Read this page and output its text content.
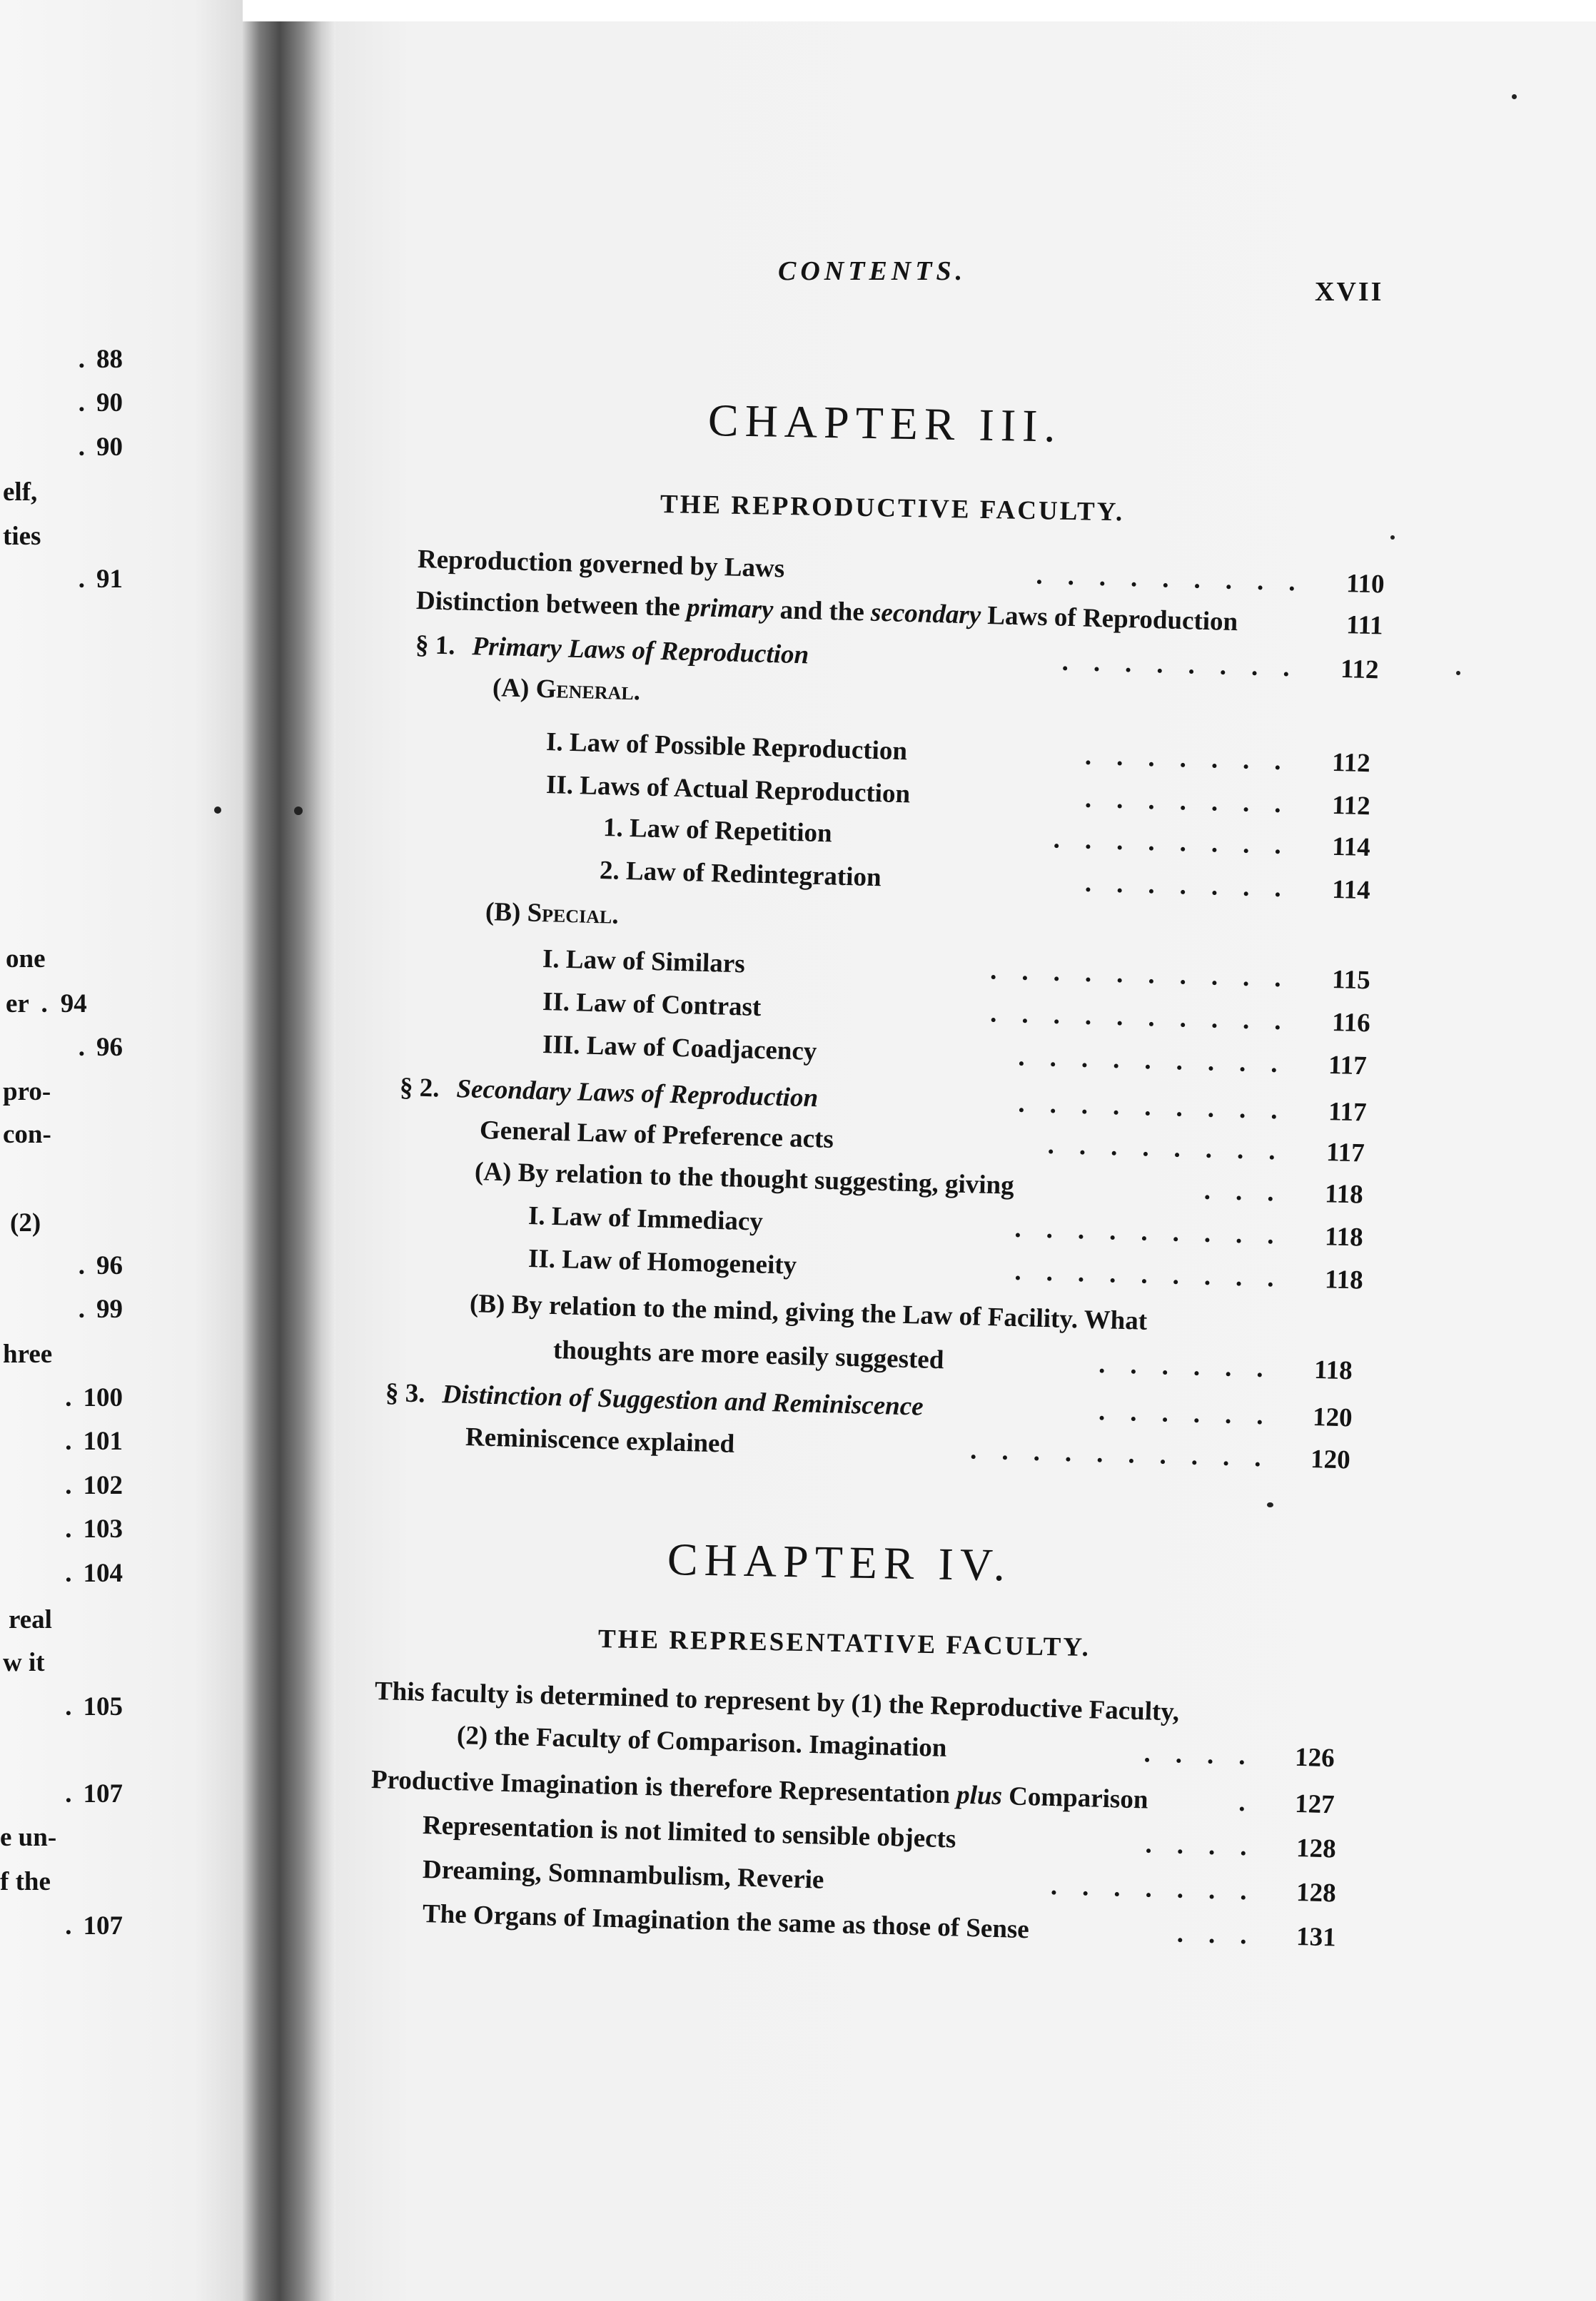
. 88
. 90
. 90
elf,
ties
. 91
one
er . 94
. 96
pro-
con-
(2)
. 96
. 99
hree
. 100
. 101
. 102
. 103
. 104
real
w it
. 105
. 107
e un-
f the
. 107
CONTENTS.
XVII
CHAPTER III.
THE REPRODUCTIVE FACULTY.
Reproduction governed by Laws	......... 110
Distinction between the primary and the secondary Laws of Reproduction	111
§ 1. Primary Laws of Reproduction	........ 112
(A) General.
I. Law of Possible Reproduction	....... 112
II. Laws of Actual Reproduction	....... 112
1. Law of Repetition	........ 114
2. Law of Redintegration	....... 114
(B) Special.
I. Law of Similars	.......... 115
II. Law of Contrast	.......... 116
III. Law of Coadjacency	......... 117
§ 2. Secondary Laws of Reproduction	......... 117
General Law of Preference acts	........ 117
(A) By relation to the thought suggesting, giving	... 118
I. Law of Immediacy	......... 118
II. Law of Homogeneity	......... 118
(B) By relation to the mind, giving the Law of Facility. What
thoughts are more easily suggested	...... 118
§ 3. Distinction of Suggestion and Reminiscence	...... 120
Reminiscence explained	.......... 120
CHAPTER IV.
THE REPRESENTATIVE FACULTY.
This faculty is determined to represent by (1) the Reproductive Faculty,
(2) the Faculty of Comparison. Imagination	.... 126
Productive Imagination is therefore Representation plus Comparison	. 127
Representation is not limited to sensible objects	.... 128
Dreaming, Somnambulism, Reverie	....... 128
The Organs of Imagination the same as those of Sense	... 131
